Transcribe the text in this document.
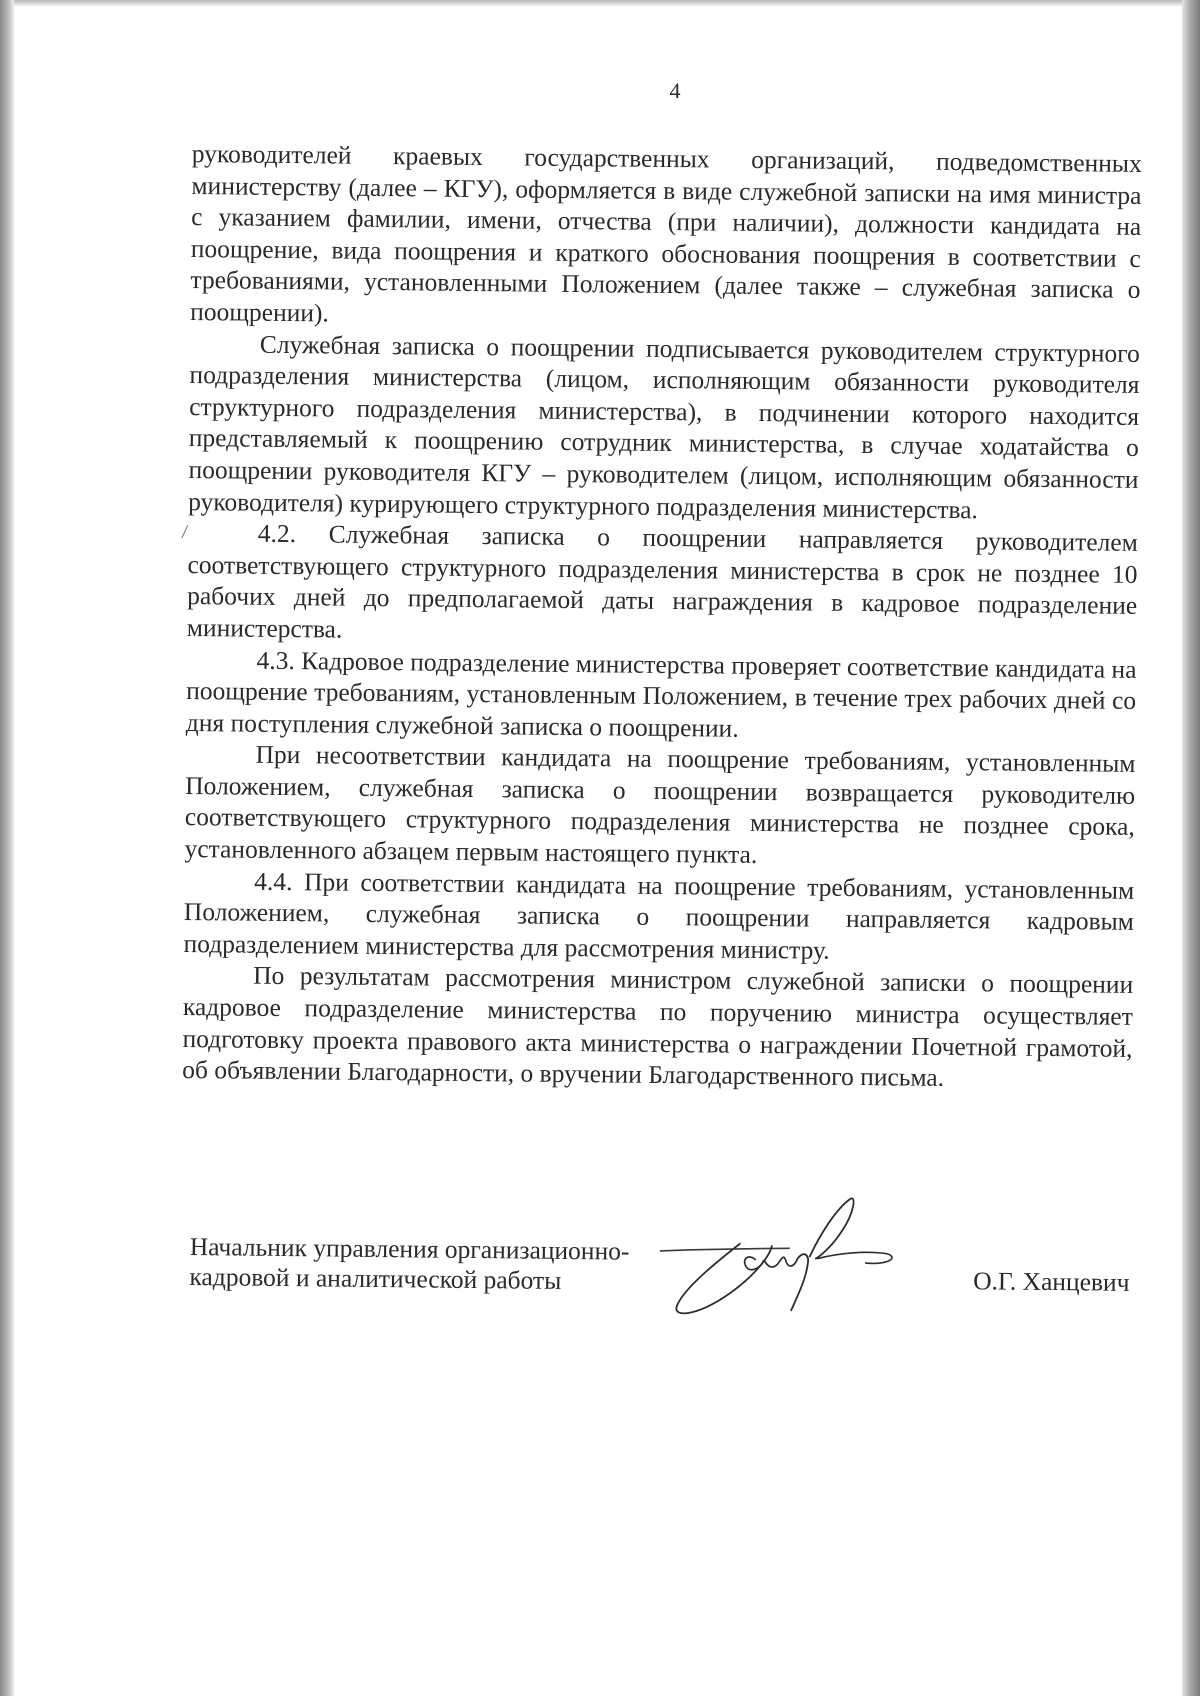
4

руководителей краевых государственных организаций, подведомственных министерству (далее – КГУ), оформляется в виде служебной записки на имя министра с указанием фамилии, имени, отчества (при наличии), должности кандидата на поощрение, вида поощрения и краткого обоснования поощрения в соответствии с требованиями, установленными Положением (далее также – служебная записка о поощрении).

Служебная записка о поощрении подписывается руководителем структурного подразделения министерства (лицом, исполняющим обязанности руководителя структурного подразделения министерства), в подчинении которого находится представляемый к поощрению сотрудник министерства, в случае ходатайства о поощрении руководителя КГУ – руководителем (лицом, исполняющим обязанности руководителя) курирующего структурного подразделения министерства.

4.2. Служебная записка о поощрении направляется руководителем соответствующего структурного подразделения министерства в срок не позднее 10 рабочих дней до предполагаемой даты награждения в кадровое подразделение министерства.

4.3. Кадровое подразделение министерства проверяет соответствие кандидата на поощрение требованиям, установленным Положением, в течение трех рабочих дней со дня поступления служебной записка о поощрении.

При несоответствии кандидата на поощрение требованиям, установленным Положением, служебная записка о поощрении возвращается руководителю соответствующего структурного подразделения министерства не позднее срока, установленного абзацем первым настоящего пункта.

4.4. При соответствии кандидата на поощрение требованиям, установленным Положением, служебная записка о поощрении направляется кадровым подразделением министерства для рассмотрения министру.

По результатам рассмотрения министром служебной записки о поощрении кадровое подразделение министерства по поручению министра осуществляет подготовку проекта правового акта министерства о награждении Почетной грамотой, об объявлении Благодарности, о вручении Благодарственного письма.

Начальник управления организационно-
кадровой и аналитической работы	О.Г. Ханцевич
